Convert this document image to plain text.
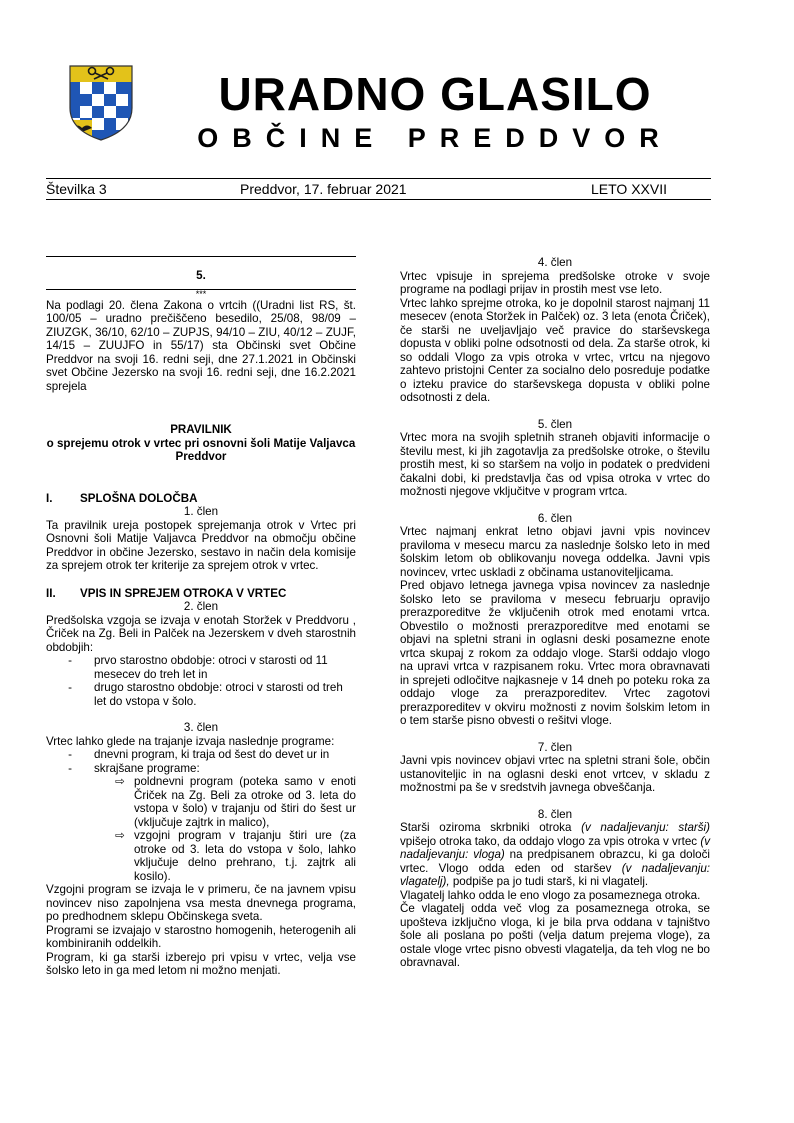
URADNO GLASILO
OBČINE PREDDVOR
Številka 3	Preddvor, 17. februar 2021	LETO XXVII

5.

***

Na podlagi 20. člena Zakona o vrtcih ((Uradni list RS, št. 100/05 – uradno prečiščeno besedilo, 25/08, 98/09 – ZIUZGK, 36/10, 62/10 – ZUPJS, 94/10 – ZIU, 40/12 – ZUJF, 14/15 – ZUUJFO in 55/17) sta Občinski svet Občine Preddvor na svoji 16. redni seji, dne 27.1.2021 in Občinski svet Občine Jezersko na svoji 16. redni seji, dne 16.2.2021 sprejela

PRAVILNIK

o sprejemu otrok v vrtec pri osnovni šoli Matije Valjavca Preddvor

I.	SPLOŠNA DOLOČBA

1. člen

Ta pravilnik ureja postopek sprejemanja otrok v Vrtec pri Osnovni šoli Matije Valjavca Preddvor na območju občine Preddvor in občine Jezersko, sestavo in način dela komisije za sprejem otrok ter kriterije za sprejem otrok v vrtec.

II.	VPIS IN SPREJEM OTROKA V VRTEC

2. člen

Predšolska vzgoja se izvaja v enotah Storžek v Preddvoru , Čriček na Zg. Beli in Palček na Jezerskem v dveh starostnih obdobjih:

-	prvo starostno obdobje: otroci v starosti od 11 mesecev do treh let in
-	drugo starostno obdobje: otroci v starosti od treh let do vstopa v šolo.

3. člen

Vrtec lahko glede na trajanje izvaja naslednje programe:

-	dnevni program, ki traja od šest do devet ur in
-	skrajšane programe:
⇨ poldnevni program (poteka samo v enoti Čriček na Zg. Beli za otroke od 3. leta do vstopa v šolo) v trajanju od štiri do šest ur (vključuje zajtrk in malico),
⇨ vzgojni program v trajanju štiri ure (za otroke od 3. leta do vstopa v šolo, lahko vključuje delno prehrano, t.j. zajtrk ali kosilo).

Vzgojni program se izvaja le v primeru, če na javnem vpisu novincev niso zapolnjena vsa mesta dnevnega programa, po predhodnem sklepu Občinskega sveta.

Programi se izvajajo v starostno homogenih, heterogenih ali kombiniranih oddelkih.

Program, ki ga starši izberejo pri vpisu v vrtec, velja vse šolsko leto in ga med letom ni možno menjati.

4. člen

Vrtec vpisuje in sprejema predšolske otroke v svoje programe na podlagi prijav in prostih mest vse leto.

Vrtec lahko sprejme otroka, ko je dopolnil starost najmanj 11 mesecev (enota Storžek in Palček) oz. 3 leta (enota Čriček), če starši ne uveljavljajo več pravice do starševskega dopusta v obliki polne odsotnosti od dela. Za starše otrok, ki so oddali Vlogo za vpis otroka v vrtec, vrtcu na njegovo zahtevo pristojni Center za socialno delo posreduje podatke o izteku pravice do starševskega dopusta v obliki polne odsotnosti z dela.

5. člen

Vrtec mora na svojih spletnih straneh objaviti informacije o številu mest, ki jih zagotavlja za predšolske otroke, o številu prostih mest, ki so staršem na voljo in podatek o predvideni čakalni dobi, ki predstavlja čas od vpisa otroka v vrtec do možnosti njegove vključitve v program vrtca.

6. člen

Vrtec najmanj enkrat letno objavi javni vpis novincev praviloma v mesecu marcu za naslednje šolsko leto in med šolskim letom ob oblikovanju novega oddelka. Javni vpis novincev, vrtec uskladi z občinama ustanoviteljicama.

Pred objavo letnega javnega vpisa novincev za naslednje šolsko leto se praviloma v mesecu februarju opravijo prerazporeditve že vključenih otrok med enotami vrtca. Obvestilo o možnosti prerazporeditve med enotami se objavi na spletni strani in oglasni deski posamezne enote vrtca skupaj z rokom za oddajo vloge. Starši oddajo vlogo na upravi vrtca v razpisanem roku. Vrtec mora obravnavati in sprejeti odločitve najkasneje v 14 dneh po poteku roka za oddajo vloge za prerazporeditev. Vrtec zagotovi prerazporeditev v okviru možnosti z novim šolskim letom in o tem starše pisno obvesti o rešitvi vloge.

7. člen

Javni vpis novincev objavi vrtec na spletni strani šole, občin ustanoviteljic in na oglasni deski enot vrtcev, v skladu z možnostmi pa še v sredstvih javnega obveščanja.

8. člen

Starši oziroma skrbniki otroka (v nadaljevanju: starši) vpišejo otroka tako, da oddajo vlogo za vpis otroka v vrtec (v nadaljevanju: vloga) na predpisanem obrazcu, ki ga določi vrtec. Vlogo odda eden od staršev (v nadaljevanju: vlagatelj), podpiše pa jo tudi starš, ki ni vlagatelj.

Vlagatelj lahko odda le eno vlogo za posameznega otroka.

Če vlagatelj odda več vlog za posameznega otroka, se upošteva izključno vloga, ki je bila prva oddana v tajništvo šole ali poslana po pošti (velja datum prejema vloge), za ostale vloge vrtec pisno obvesti vlagatelja, da teh vlog ne bo obravnaval.
